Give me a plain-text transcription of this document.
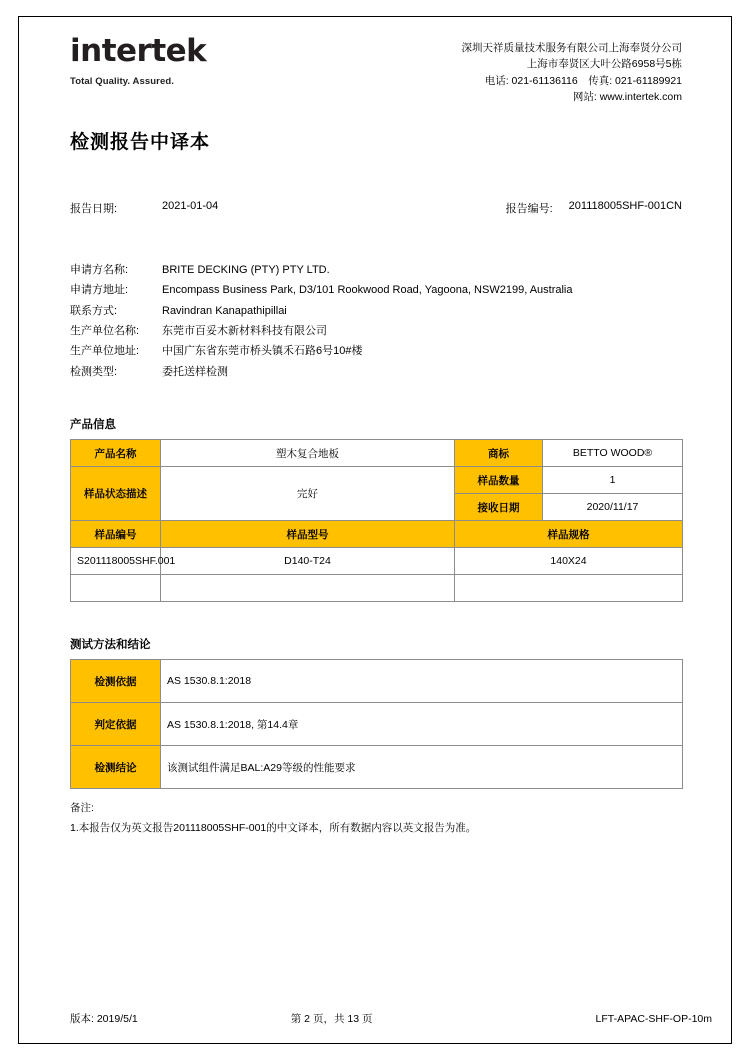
intertek
Total Quality. Assured.
深圳天祥质量技术服务有限公司上海奉贤分公司
上海市奉贤区大叶公路6958号5栋
电话: 021-61136116　传真: 021-61189921
网站: www.intertek.com
检测报告中译本
报告日期:	2021-01-04	报告编号: 201118005SHF-001CN
申请方名称:	BRITE DECKING (PTY) PTY LTD.
申请方地址:	Encompass Business Park, D3/101 Rookwood Road, Yagoona, NSW2199, Australia
联系方式:	Ravindran Kanapathipillai
生产单位名称:	东莞市百妥木新材料科技有限公司
生产单位地址:	中国广东省东莞市桥头镇禾石路6号10#楼
检测类型:	委托送样检测
产品信息
产品名称	塑木复合地板	商标	BETTO WOOD®
样品状态描述	完好	样品数量	1
		接收日期	2020/11/17
样品编号	样品型号	样品规格	
S201118005SHF.001	D140-T24	140X24	

测试方法和结论
检测依据	AS 1530.8.1:2018
判定依据	AS 1530.8.1:2018, 第14.4章
检测结论	该测试组件满足BAL:A29等级的性能要求
备注:
1.本报告仅为英文报告201118005SHF-001的中文译本，所有数据内容以英文报告为准。
版本: 2019/5/1	第 2 页，共 13 页	LFT-APAC-SHF-OP-10m
